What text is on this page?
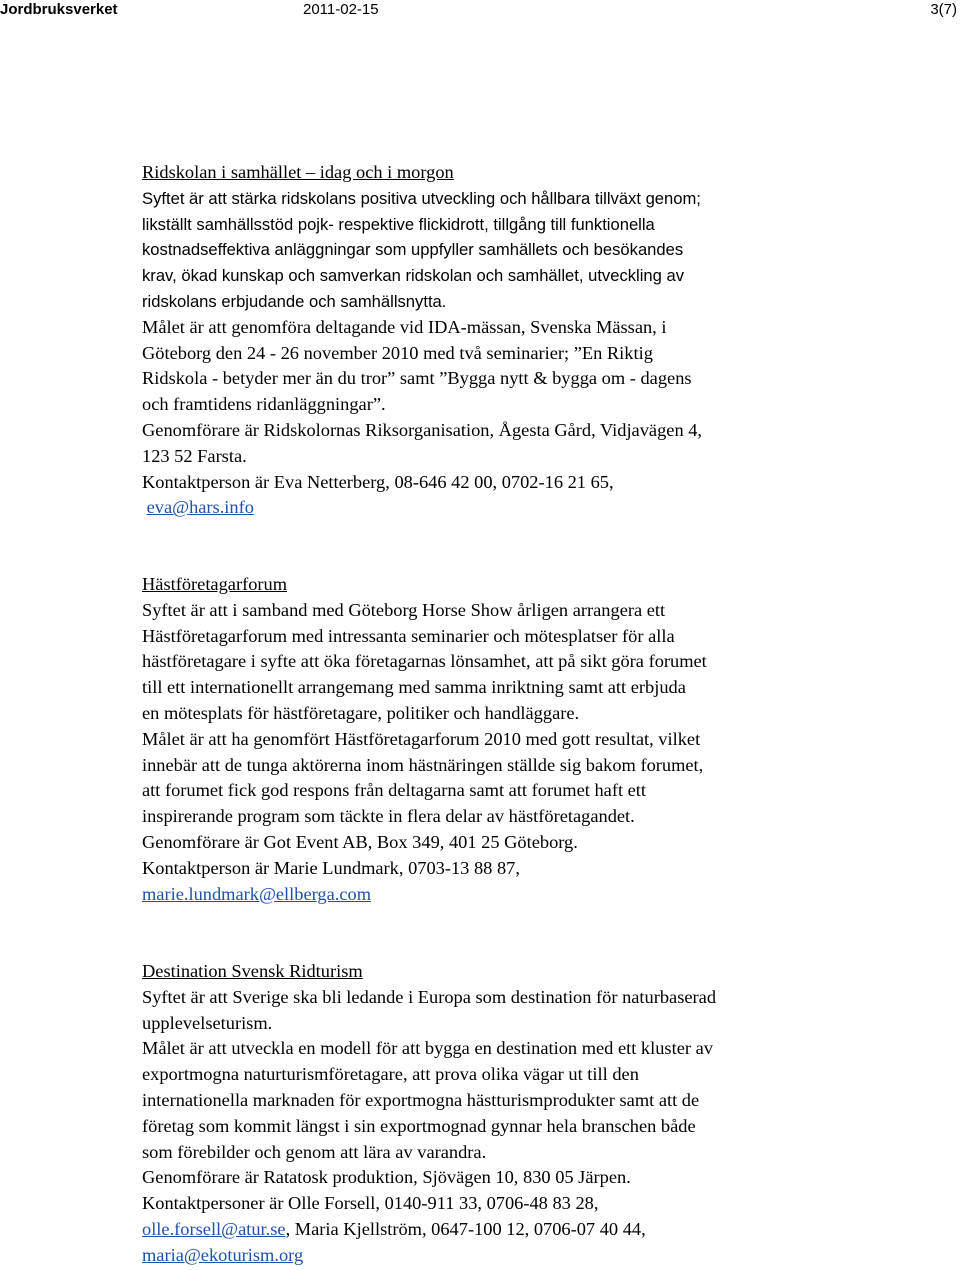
Jordbruksverket	2011-02-15	3(7)

Ridskolan i samhället – idag och i morgon

Syftet är att stärka ridskolans positiva utveckling och hållbara tillväxt genom;

likställt samhällsstöd pojk- respektive flickidrott, tillgång till funktionella

kostnadseffektiva anläggningar som uppfyller samhällets och besökandes

krav, ökad kunskap och samverkan ridskolan och samhället, utveckling av

ridskolans erbjudande och samhällsnytta.

Målet är att genomföra deltagande vid IDA-mässan, Svenska Mässan, i

Göteborg den 24 - 26 november 2010 med två seminarier; ”En Riktig

Ridskola - betyder mer än du tror” samt ”Bygga nytt & bygga om - dagens

och framtidens ridanläggningar”.

Genomförare är Ridskolornas Riksorganisation, Ågesta Gård, Vidjavägen 4,

123 52 Farsta.

Kontaktperson är Eva Netterberg, 08-646 42 00, 0702-16 21 65,

eva@hars.info

Hästföretagarforum

Syftet är att i samband med Göteborg Horse Show årligen arrangera ett

Hästföretagarforum med intressanta seminarier och mötesplatser för alla

hästföretagare i syfte att öka företagarnas lönsamhet, att på sikt göra forumet

till ett internationellt arrangemang med samma inriktning samt att erbjuda

en mötesplats för hästföretagare, politiker och handläggare.

Målet är att ha genomfört Hästföretagarforum 2010 med gott resultat, vilket

innebär att de tunga aktörerna inom hästnäringen ställde sig bakom forumet,

att forumet fick god respons från deltagarna samt att forumet haft ett

inspirerande program som täckte in flera delar av hästföretagandet.

Genomförare är Got Event AB, Box 349, 401 25 Göteborg.

Kontaktperson är Marie Lundmark, 0703-13 88 87,

marie.lundmark@ellberga.com

Destination Svensk Ridturism

Syftet är att Sverige ska bli ledande i Europa som destination för naturbaserad

upplevelseturism.

Målet är att utveckla en modell för att bygga en destination med ett kluster av

exportmogna naturturismföretagare, att prova olika vägar ut till den

internationella marknaden för exportmogna hästturismprodukter samt att de

företag som kommit längst i sin exportmognad gynnar hela branschen både

som förebilder och genom att lära av varandra.

Genomförare är Ratatosk produktion, Sjövägen 10, 830 05 Järpen.

Kontaktpersoner är Olle Forsell, 0140-911 33, 0706-48 83 28,

olle.forsell@atur.se, Maria Kjellström, 0647-100 12, 0706-07 40 44,

maria@ekoturism.org
